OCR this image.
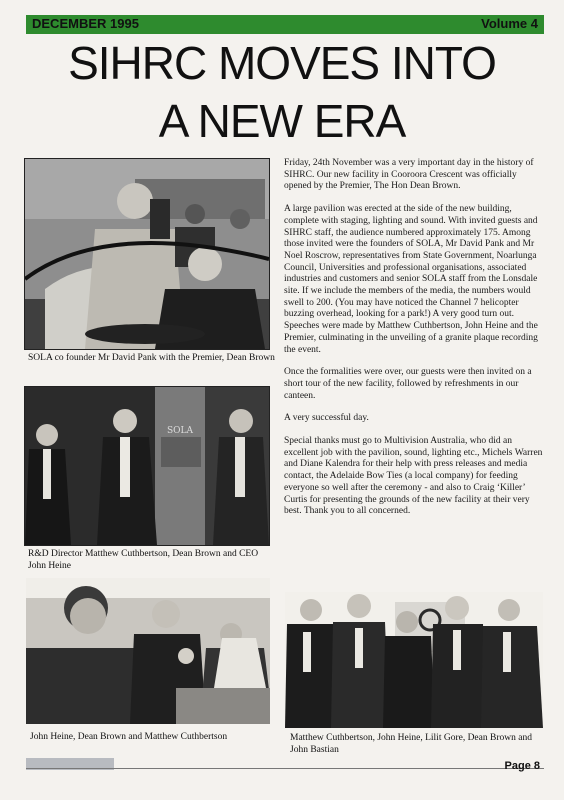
DECEMBER 1995	Volume 4
SIHRC MOVES INTO
A NEW ERA
SOLA co founder Mr David Pank with the Premier, Dean Brown
SOLA
R&D Director Matthew Cuthbertson, Dean Brown and CEO John Heine
John Heine, Dean Brown and Matthew Cuthbertson	Matthew Cuthbertson, John Heine, Lilit Gore, Dean Brown and John Bastian

Friday, 24th November was a very important day in the history of SIHRC. Our new facility in Cooroora Crescent was officially opened by the Premier, The Hon Dean Brown.

A large pavilion was erected at the side of the new building, complete with staging, lighting and sound. With invited guests and SIHRC staff, the audience numbered approximately 175. Among those invited were the founders of SOLA, Mr David Pank and Mr Noel Roscrow, representatives from State Government, Noarlunga Council, Universities and professional organisations, associated industries and customers and senior SOLA staff from the Lonsdale site. If we include the members of the media, the numbers would swell to 200. (You may have noticed the Channel 7 helicopter buzzing overhead, looking for a park!) A very good turn out.

Speeches were made by Matthew Cuthbertson, John Heine and the Premier, culminating in the unveiling of a granite plaque recording the event.

Once the formalities were over, our guests were then invited on a short tour of the new facility, followed by refreshments in our canteen.

A very successful day.

Special thanks must go to Multivision Australia, who did an excellent job with the pavilion, sound, lighting etc., Michels Warren and Diane Kalendra for their help with press releases and media contact, the Adelaide Bow Ties (a local company) for feeding everyone so well after the ceremony - and also to Craig ‘Killer’ Curtis for presenting the grounds of the new facility at their very best. Thank you to all concerned.

Page 8
